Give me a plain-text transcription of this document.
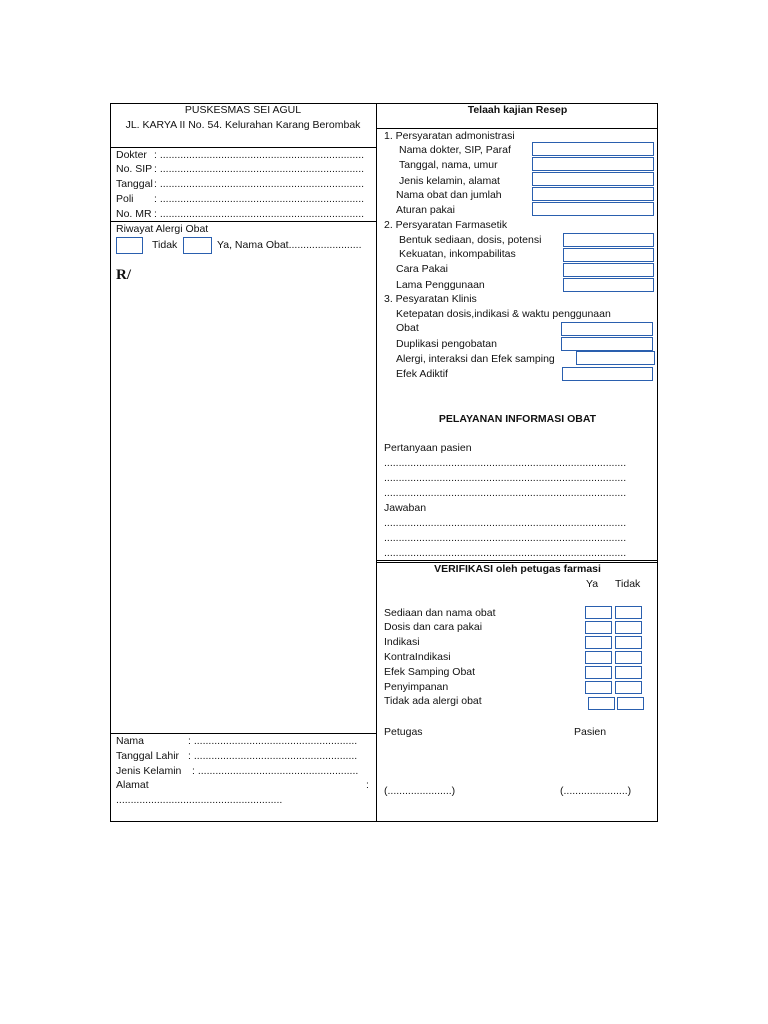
PUSKESMAS SEI AGUL
JL. KARYA II No. 54. Kelurahan Karang Berombak
Dokter : ......................................................................
No. SIP : ......................................................................
Tanggal : ......................................................................
Poli : ......................................................................
No. MR : ......................................................................
Riwayat Alergi Obat
Tidak	Ya, Nama Obat.........................
R/
Nama	: ........................................................
Tanggal Lahir : ........................................................
Jenis Kelamin : .......................................................
Alamat	:
.........................................................
Telaah kajian Resep
1. Persyaratan admonistrasi
Nama dokter, SIP, Paraf
Tanggal, nama, umur
Jenis kelamin, alamat
Nama obat dan jumlah
Aturan pakai
2. Persyaratan Farmasetik
Bentuk sediaan, dosis, potensi
Kekuatan, inkompabilitas
Cara Pakai
Lama Penggunaan
3. Pesyaratan Klinis
Ketepatan dosis,indikasi & waktu penggunaan
Obat
Duplikasi pengobatan
Alergi, interaksi dan Efek samping
Efek Adiktif
PELAYANAN INFORMASI OBAT
Pertanyaan pasien
...................................................................................
...................................................................................
...................................................................................
Jawaban
...................................................................................
...................................................................................
...................................................................................
VERIFIKASI oleh petugas farmasi
Ya Tidak
Sediaan dan nama obat
Dosis dan cara pakai
Indikasi
KontraIndikasi
Efek Samping Obat
Penyimpanan
Tidak ada alergi obat
Petugas	Pasien
(......................)	(......................)
